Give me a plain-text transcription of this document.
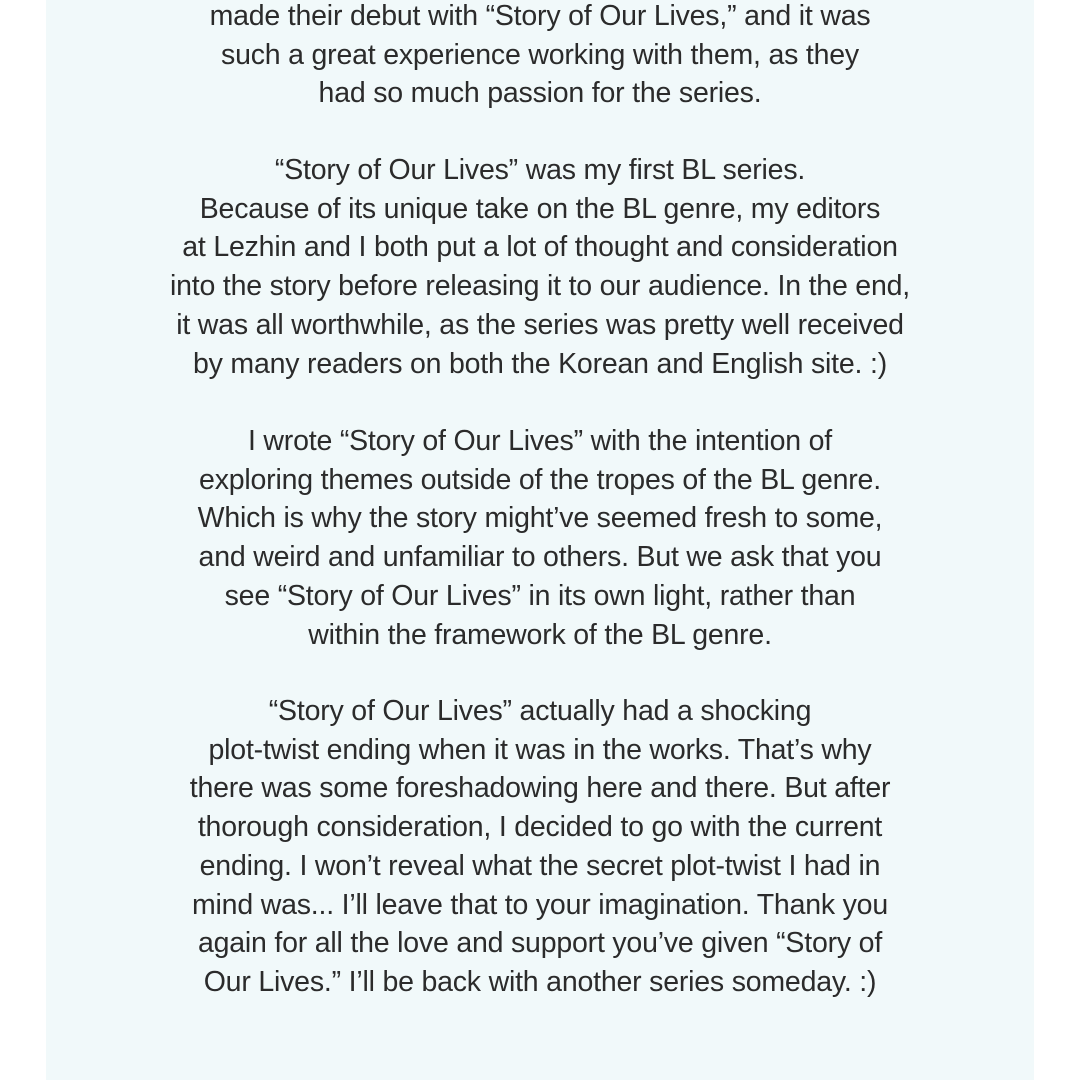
made their debut with “Story of Our Lives,” and it was
such a great experience working with them, as they
had so much passion for the series.
“Story of Our Lives” was my first BL series.
Because of its unique take on the BL genre, my editors
at Lezhin and I both put a lot of thought and consideration
into the story before releasing it to our audience. In the end,
it was all worthwhile, as the series was pretty well received
by many readers on both the Korean and English site. :)
I wrote “Story of Our Lives” with the intention of
exploring themes outside of the tropes of the BL genre.
Which is why the story might’ve seemed fresh to some,
and weird and unfamiliar to others. But we ask that you
see “Story of Our Lives” in its own light, rather than
within the framework of the BL genre.
“Story of Our Lives” actually had a shocking
plot-twist ending when it was in the works. That’s why
there was some foreshadowing here and there. But after
thorough consideration, I decided to go with the current
ending. I won’t reveal what the secret plot-twist I had in
mind was... I’ll leave that to your imagination. Thank you
again for all the love and support you’ve given “Story of
Our Lives.” I’ll be back with another series someday. :)
